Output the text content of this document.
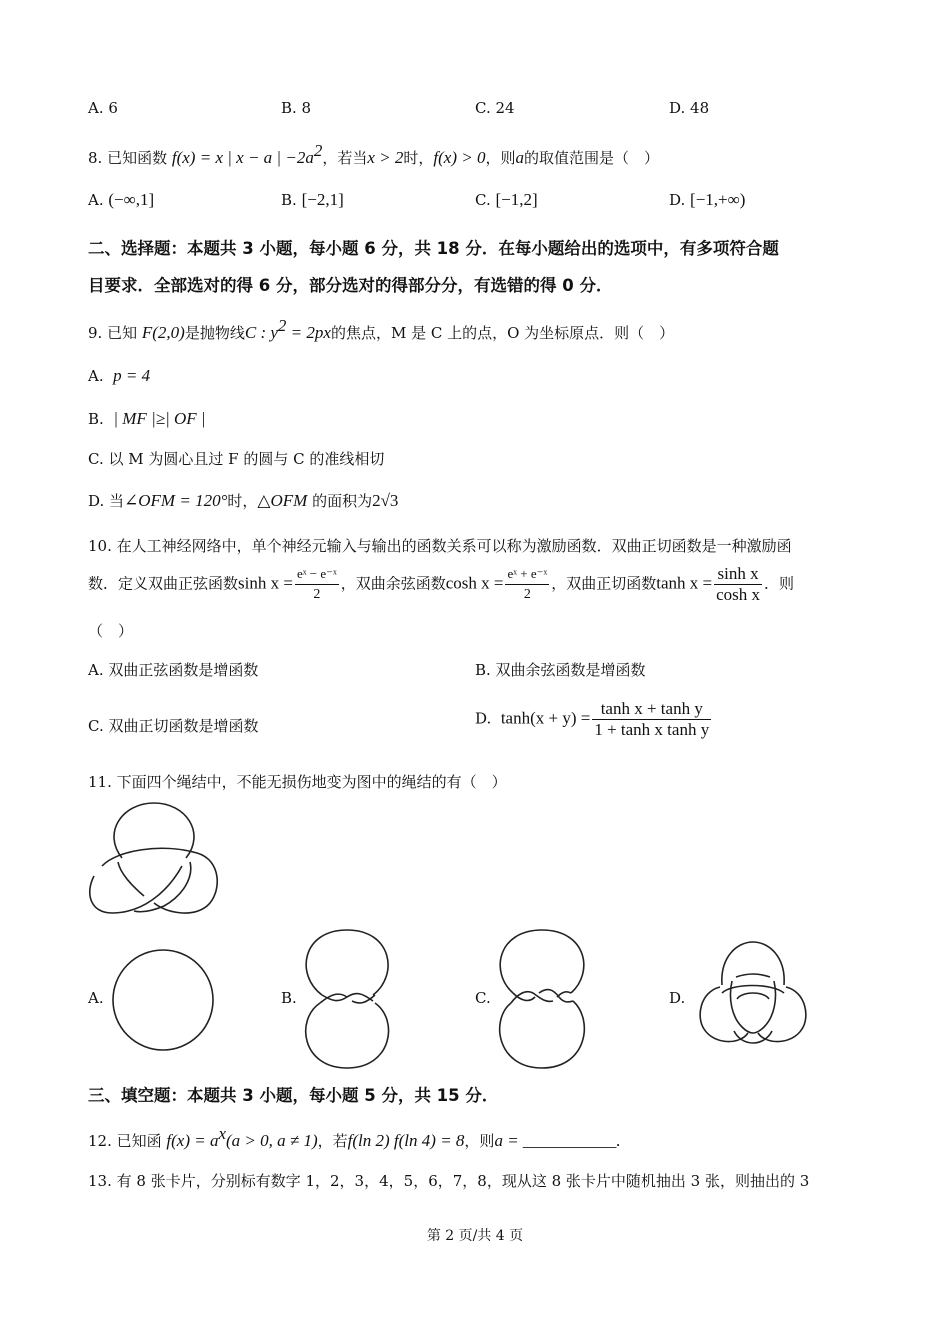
A. 6	B. 8	C. 24	D. 48
8. 已知函数 f(x) = x | x − a | $-2a^2$，若当x > 2时，f(x) > 0，则a的取值范围是（　）
A. (−∞,1]	B. [−2,1]	C. [−1,2]	D. [−1,+∞)
二、选择题：本题共 3 小题，每小题 6 分，共 18 分．在每小题给出的选项中，有多项符合题
目要求．全部选对的得 6 分，部分选对的得部分分，有选错的得 0 分．
9. 已知 F(2,0)是抛物线C : $y^2 = 2px$的焦点，M 是 C 上的点，O 为坐标原点．则（　）
A. p = 4
B. | MF |≥| OF |
C. 以 M 为圆心且过 F 的圆与 C 的准线相切
D. 当∠OFM = 120°时，△OFM 的面积为2√3
10. 在人工神经网络中，单个神经元输入与输出的函数关系可以称为激励函数．双曲正切函数是一种激励函
数．定义双曲正弦函数$\sinh x = \frac{\text{eˣ − e⁻ˣ}}{2}$ ，双曲余弦函数$\cosh x = \frac{\text{eˣ + e⁻ˣ}}{2}$ ，双曲正切函数$\tanh x = \frac{\text{sinh x}}{\text{cosh x}}$ ．则
（　）
A. 双曲正弦函数是增函数	B. 双曲余弦函数是增函数
C. 双曲正切函数是增函数	D. $\tanh(x + y) = \frac{\text{tanh x + tanh y}}{\text{1 + tanh x tanh y}}$
11. 下面四个绳结中，不能无损伤地变为图中的绳结的有（　）
A.	B.	C.	D.
三、填空题：本题共 3 小题，每小题 5 分，共 15 分．
12. 已知函 $f(x) = a^x(a > 0$, a ≠ 1)，若f(ln 2) f(ln 4) = 8，则a = ___________.
13. 有 8 张卡片，分别标有数字 1，2，3，4，5，6，7，8，现从这 8 张卡片中随机抽出 3 张，则抽出的 3
第 2 页/共 4 页
